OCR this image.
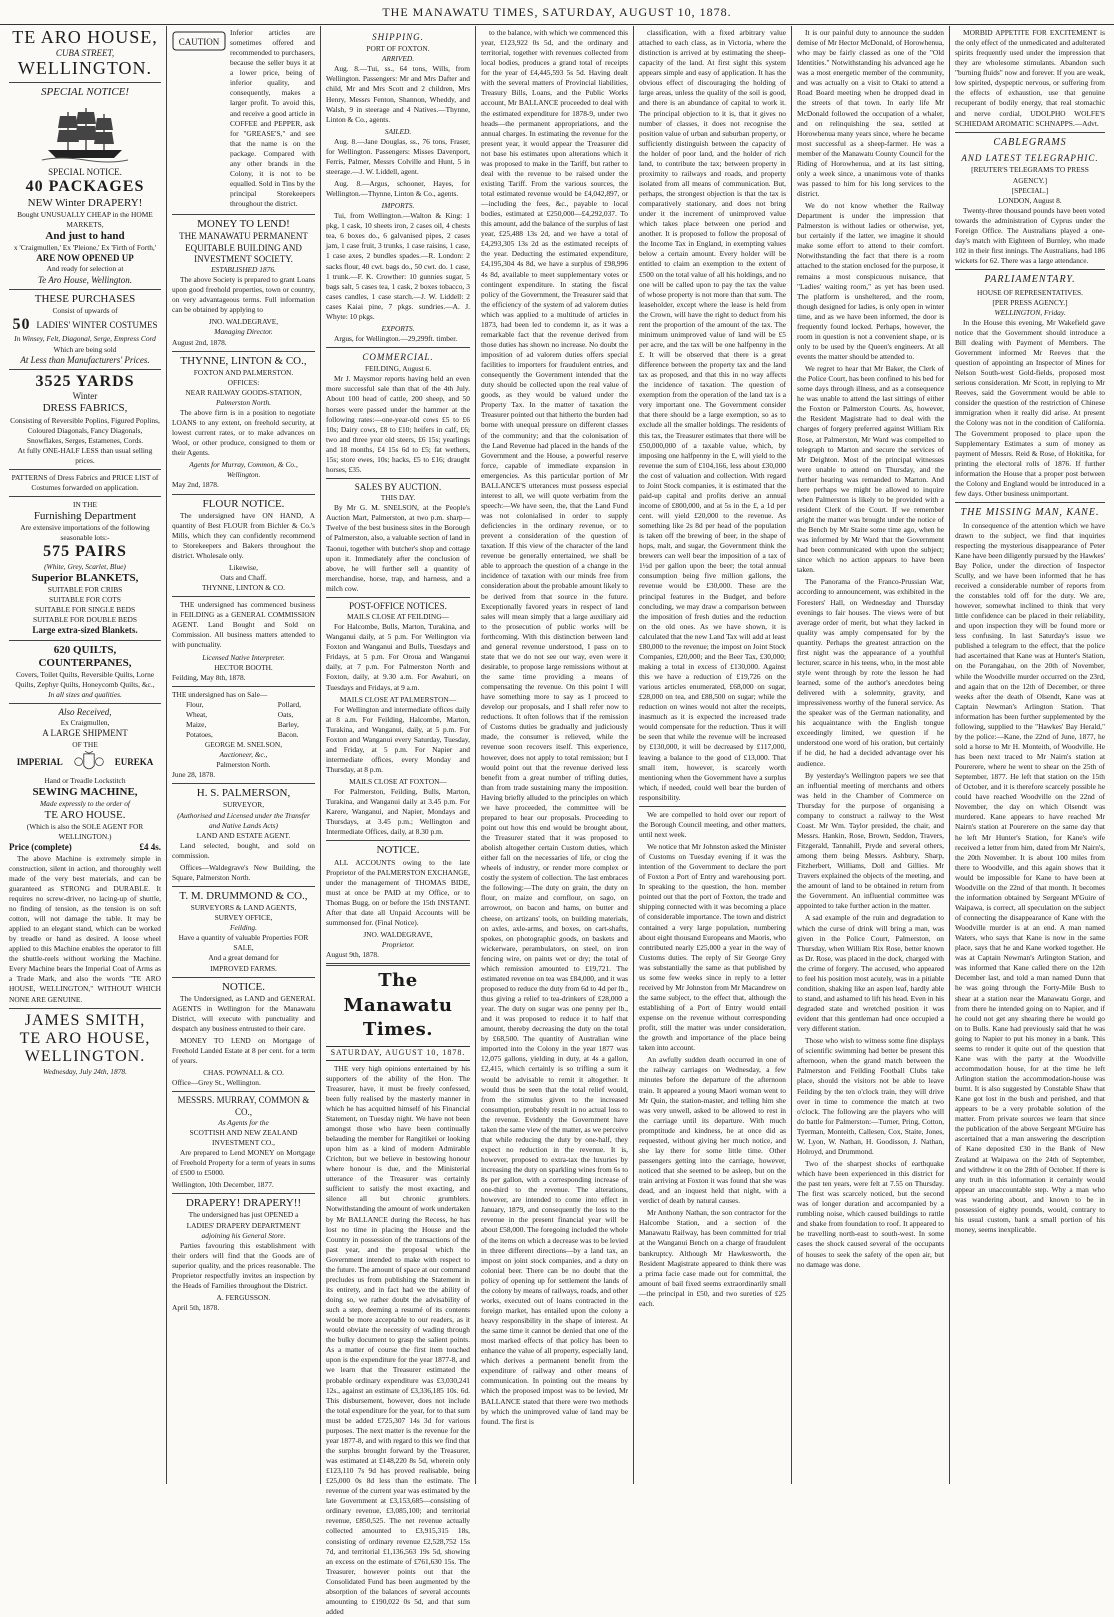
THE MANAWATU TIMES, SATURDAY, AUGUST 10, 1878.
TE ARO HOUSE,
CUBA STREET,
WELLINGTON.
SPECIAL NOTICE!
SPECIAL NOTICE.
40 PACKAGES
NEW Winter DRAPERY!
Bought UNUSUALLY CHEAP in the HOME MARKETS,
And just to hand
x 'Craigmullen,' Ex 'Pleione,' Ex 'Firth of Forth,'
ARE NOW OPENED UP
And ready for selection at
Te Aro House, Wellington.
THESE PURCHASES
Consist of upwards of
50 LADIES' WINTER COSTUMES
In Winsey, Felt, Diagonal, Serge, Empress Cord
Which are being sold
At Less than Manufacturers' Prices.
3525 YARDS
Winter
DRESS FABRICS,
Consisting of Reversible Poplins, Figured Poplins, Coloured Diagonals, Fancy Diagonals, Snowflakes, Serges, Estamenes, Cords.
At fully ONE-HALF LESS than usual selling prices.
PATTERNS of Dress Fabrics and PRICE LIST of Costumes forwarded on application.
IN THE
Furnishing Department
Are extensive importations of the following seasonable lots:-
575 PAIRS
(White, Grey, Scarlet, Blue)
Superior BLANKETS,
SUITABLE FOR CRIBS
SUITABLE FOR COTS
SUITABLE FOR SINGLE BEDS
SUITABLE FOR DOUBLE BEDS
Large extra-sized Blankets.
620 QUILTS, COUNTERPANES,
Covers, Toilet Quilts, Reversible Quilts, Lorne Quilts, Zephyr Quilts, Honeycomb Quilts, &c.,
In all sizes and qualities.
Also Received,
Ex Craigmullen,
A LARGE SHIPMENT
OF THE
IMPERIAL	EUREKA
Hand or Treadle Lockstitch
SEWING MACHINE,
Made expressly to the order of
TE ARO HOUSE.
(Which is also the SOLE AGENT FOR WELLINGTON.)
Price (complete)	£4 4s.

The above Machine is extremely simple in construction, silent in action, and thoroughly well made of the very best materials, and can be guaranteed as STRONG and DURABLE. It requires no screw-driver, no lacing-up of shuttle, no finding of tension, as the tension is on soft cotton, will not damage the table. It may be applied to an elegant stand, which can be worked by treadle or hand as desired. A loose wheel applied to this Machine enables the operator to fill the shuttle-reels without working the Machine. Every Machine bears the Imperial Coat of Arms as a Trade Mark, and also the words "TE ARO HOUSE, WELLINGTON," WITHOUT WHICH NONE ARE GENUINE.

JAMES SMITH,
TE ARO HOUSE,
WELLINGTON.
Wednesday, July 24th, 1878.
CAUTION

Inferior articles are sometimes offered and recommended to purchasers, because the seller buys it at a lower price, being of inferior quality, and consequently, makes a larger profit. To avoid this, and receive a good article in COFFEE and PEPPER, ask for "GREASE'S," and see that the name is on the package. Compared with any other brands in the Colony, it is not to be equalled. Sold in Tins by the principal Storekeepers throughout the district.

MONEY TO LEND!
THE MANAWATU PERMANENT EQUITABLE BUILDING AND INVESTMENT SOCIETY.
ESTABLISHED 1876.

The above Society is prepared to grant Loans upon good freehold properties, town or country, on very advantageous terms. Full information can be obtained by applying to

JNO. WALDEGRAVE,
Managing Director.
August 2nd, 1878.
THYNNE, LINTON & CO.,
FOXTON AND PALMERSTON.
OFFICES:
NEAR RAILWAY GOODS-STATION,
Palmerston North.

The above firm is in a position to negotiate LOANS to any extent, on freehold security, at lowest current rates, or to make advances on Wool, or other produce, consigned to them or their Agents.

Agents for Murray, Common, & Co., Wellington.
May 2nd, 1878.
FLOUR NOTICE.

The undersigned have ON HAND, A quantity of Best FLOUR from Bichler & Co.'s Mills, which they can confidently recommend to Storekeepers and Bakers throughout the district. Wholesale only.

Likewise,
Oats and Chaff.
THYNNE, LINTON & CO.

THE undersigned has commenced business in FEILDING as a GENERAL COMMISSION AGENT. Land Bought and Sold on Commission. All business matters attended to with punctuality.

Licensed Native Interpreter.
HECTOR BOOTH.
Feilding, May 8th, 1878.
THE undersigned has on Sale—
Flour,
Wheat,
Maize,
Potatoes,
Pollard,
Oats,
Barley,
Bacon.
GEORGE M. SNELSON,
Auctioneer, &c.,
Palmerston North.
June 28, 1878.
H. S. PALMERSON,
SURVEYOR,
(Authorised and Licensed under the Transfer and Native Lands Acts)
LAND AND ESTATE AGENT.

Land selected, bought, and sold on commission.

Offices—Waldegrave's New Building, the Square, Palmerston North.

T. M. DRUMMOND & CO.,
SURVEYORS & LAND AGENTS,
SURVEY OFFICE,
Feilding.
Have a quantity of valuable Properties FOR SALE,
And a great demand for
IMPROVED FARMS.
NOTICE.

The Undersigned, as LAND and GENERAL AGENTS in Wellington for the Manawatu District, will execute with punctuality and despatch any business entrusted to their care.

MONEY TO LEND on Mortgage of Freehold Landed Estate at 8 per cent. for a term of years.

CHAS. POWNALL & CO.
Office—Grey St., Wellington.
MESSRS. MURRAY, COMMON & CO.,
As Agents for the
SCOTTISH AND NEW ZEALAND INVESTMENT CO.,

Are prepared to Lend MONEY on Mortgage of Freehold Property for a term of years in sums of £500 to £5000.

Wellington, 10th December, 1877.
DRAPERY! DRAPERY!!
The undersigned has just OPENED a
LADIES' DRAPERY DEPARTMENT
adjoining his General Store.

Parties favouring this establishment with their orders will find that the Goods are of superior quality, and the prices reasonable. The Proprietor respectfully invites an inspection by the Heads of Families throughout the District.

A. FERGUSSON.
April 5th, 1878.
SHIPPING.
PORT OF FOXTON.
ARRIVED.

Aug. 8.—Tui, ss., 64 tons, Wills, from Wellington. Passengers: Mr and Mrs Dafter and child, Mr and Mrs Scott and 2 children, Mrs Henry, Messrs Fenton, Shannon, Wheddy, and Walsh, 9 in steerage and 4 Natives.—Thynne, Linton & Co., agents.

SAILED.

Aug. 8.—Jane Douglas, ss., 76 tons, Fraser, for Wellington. Passengers: Misses Davenport, Ferris, Palmer, Messrs Colville and Hunt, 5 in steerage.—J. W. Liddell, agent.

Aug. 8.—Argus, schooner, Hayes, for Wellington.—Thynne, Linton & Co., agents.

IMPORTS.

Tui, from Wellington.—Walton & King: 1 pkg, 1 cask, 10 sheets iron, 2 cases oil, 4 chests tea, 6 boxes do., 6 galvanised pipes, 2 cases jam, 1 case fruit, 3 trunks, 1 case raisins, 1 case, 1 case axes, 2 bundles spades.—R. London: 2 sacks flour, 40 cwt. bags do., 50 cwt. do. 1 case, 1 trunk.—F. K. Crowther: 10 gunnies sugar, 5 bags salt, 5 cases tea, 1 cask, 2 boxes tobacco, 3 cases candles, 1 case starch.—J. W. Liddell: 2 cases Kaiai pine, 7 pkgs. sundries.—A. J. Whyte: 10 pkgs.

EXPORTS.

Argus, for Wellington.—29,299ft. timber.

COMMERCIAL.
FEILDING, August 6.

Mr J. Maysmor reports having held an even more successful sale than that of the 4th July. About 100 head of cattle, 200 sheep, and 50 horses were passed under the hammer at the following rates:—one-year-old cows £5 to £6 10s; Dairy cows, £8 to £10; heifers in calf, £6; two and three year old steers, £6 15s; yearlings and 18 months, £4 15s 6d to £5; fat wethers, 15s; store ewes, 10s; hacks, £5 to £16; draught horses, £35.

SALES BY AUCTION.
THIS DAY.

By Mr G. M. SNELSON, at the People's Auction Mart, Palmerston, at two p.m. sharp—Twelve of the best business sites in the Borough of Palmerston, also, a valuable section of land in Taonui, together with butcher's shop and cottage upon it. Immediately after the conclusion of above, he will further sell a quantity of merchandise, horse, trap, and harness, and a milch cow.

POST-OFFICE NOTICES.
MAILS CLOSE AT FEILDING—

For Halcombe, Bulls, Marton, Turakina, and Wanganui daily, at 5 p.m. For Wellington via Foxton and Wanganui and Bulls, Tuesdays and Fridays, at 5 p.m. For Oroua and Wanganui daily, at 7 p.m. For Palmerston North and Foxton, daily, at 9.30 a.m. For Awahuri, on Tuesdays and Fridays, at 9 a.m.

MAILS CLOSE AT PALMERSTON—

For Wellington and intermediate offices daily at 8 a.m. For Feilding, Halcombe, Marton, Turakina, and Wanganui, daily, at 5 p.m. For Foxton and Wanganui every Saturday, Tuesday, and Friday, at 5 p.m. For Napier and intermediate offices, every Monday and Thursday, at 8 p.m.

MAILS CLOSE AT FOXTON—

For Palmerston, Feilding, Bulls, Marton, Turakina, and Wanganui daily at 3.45 p.m. For Karere, Wanganui, and Napier, Mondays and Thursdays, at 3.45 p.m.; Wellington and Intermediate Offices, daily, at 8.30 p.m.

NOTICE.

ALL ACCOUNTS owing to the late Proprietor of the PALMERSTON EXCHANGE, under the management of THOMAS BIDE, must at once be PAID at my Office, or to Thomas Bugg, on or before the 15th INSTANT. After that date all Unpaid Accounts will be summonsed for. (Final Notice).

JNO. WALDEGRAVE,
Proprietor.
August 9th, 1878.
The Manawatu Times.
SATURDAY, AUGUST 10, 1878.

THE very high opinions entertained by his supporters of the ability of the Hon. The Treasurer, have, it must be freely confessed, been fully realised by the masterly manner in which he has acquitted himself of his Financial Statement, on Tuesday night. We have not been amongst those who have been continually belauding the member for Rangitikei or looking upon him as a kind of modern Admirable Crichton, but we believe in bestowing honour where honour is due, and the Ministerial utterance of the Treasurer was certainly sufficient to satisfy the most exacting, and silence all but chronic grumblers. Notwithstanding the amount of work undertaken by Mr BALLANCE during the Recess, he has lost no time in placing the House and the Country in possession of the transactions of the past year, and the proposal which the Government intended to make with respect to the future. The amount of space at our command precludes us from publishing the Statement in its entirety, and in fact had we the ability of doing so, we rather doubt the advisability of such a step, deeming a resumé of its contents would be more acceptable to our readers, as it would obviate the necessity of wading through the bulky document to grasp the salient points. As a matter of course the first item touched upon is the expenditure for the year 1877-8, and we learn that the Treasurer estimated the probable ordinary expenditure was £3,030,241 12s., against an estimate of £3,336,185 10s. 6d. This disbursement, however, does not include the total expenditure for the year, for to that sum must be added £725,307 14s 3d for various purposes. The next matter is the revenue for the year 1877-8, and with regard to this we find that the surplus brought forward by the Treasurer, was estimated at £148,220 8s 5d, wherein only £123,110 7s 9d has proved realisable, being £25,000 0s 8d less than the estimate. The revenue of the current year was estimated by the late Government at £3,153,685—consisting of ordinary revenue, £3,085,100; and territorial revenue, £850,525. The net revenue actually collected amounted to £3,915,315 18s, consisting of ordinary revenue £2,528,752 15s 7d, and territorial £1,136,563 19s 5d, showing an excess on the estimate of £761,630 15s. The Treasurer, however points out that the Consolidated Fund has been augmented by the absorption of the balances of several accounts amounting to £190,022 0s 5d, and that sum added

to the balance, with which we commenced this year, £123,922 0s 5d, and the ordinary and territorial, together with revenues collected from local bodies, produces a grand total of receipts for the year of £4,445,593 5s 5d. Having dealt with the several matters of Provincial liabilities, Treasury Bills, Loans, and the Public Works account, Mr BALLANCE proceeded to deal with the estimated expenditure for 1878-9, under two heads—the permanent appropriations, and the annual charges. In estimating the revenue for the present year, it would appear the Treasurer did not base his estimates upon alterations which it was proposed to make in the Tariff, but rather to deal with the revenue to be raised under the existing Tariff. From the various sources, the total estimated revenue would be £4,042,897, or—including the fees, &c., payable to local bodies, estimated at £250,000—£4,292,037. To this amount, add the balance of the surplus of last year, £25,488 13s 2d, and we have a total of £4,293,305 13s 2d as the estimated receipts of the year. Deducting the estimated expenditure, £4,195,304 4s 8d, we have a surplus of £98,996 4s 8d, available to meet supplementary votes or contingent expenditure. In stating the fiscal policy of the Government, the Treasurer said that the efficiency of the system of ad valorem duties which was applied to a multitude of articles in 1873, had been led to condemn it, as it was a remarkable fact that the revenue derived from those duties has shown no increase. No doubt the imposition of ad valorem duties offers special facilities to importers for fraudulent entries, and consequently the Government intended that the duty should be collected upon the real value of goods, as they would be valued under the Property Tax. In the matter of taxation the Treasurer pointed out that hitherto the burden had borne with unequal pressure on different classes of the community; and that the colonisation of the Land Revenue had placed in the hands of the Government and the House, a powerful reserve force, capable of immediate expansion in emergencies. As this particular portion of Mr BALLANCE'S utterances must possess especial interest to all, we will quote verbatim from the speech:—We have seen, the, that the Land Fund was not colonialised in order to supply deficiencies in the ordinary revenue, or to prevent a consideration of the question of taxation. If this view of the character of the land revenue be generally entertained, we shall be able to approach the question of a change in the incidence of taxation with our minds free from consideration about the probable amount likely to be derived from that source in the future. Exceptionally favored years in respect of land sales will mean simply that a large auxiliary aid to the prosecution of public works will be forthcoming. With this distinction between land and general revenue understood, I pass on to state that we do not see our way, even were it desirable, to propose large remissions without at the same time providing a means of compensating the revenue. On this point I will have something more to say as I proceed to develop our proposals, and I shall refer now to reductions. It often follows that if the remission of Customs duties be gradually and judiciously made, the consumer is relieved, while the revenue soon recovers itself. This experience, however, does not apply to total remission; but I would point out that the revenue derived less benefit from a great number of trifling duties, than from trade sustaining many the imposition. Having briefly alluded to the principles on which we have proceeded, the committee will be prepared to hear our proposals. Proceeding to point out how this end would be brought about, the Treasurer stated that it was proposed to abolish altogether certain Custom duties, which either fall on the necessaries of life, or clog the wheels of industry, or render more complex or costly the system of collection. The last embraces the following:—The duty on grain, the duty on flour, on maize and cornflour, on sago, on arrowroot, on bacon and hams, on butter and cheese, on artizans' tools, on building materials, on axles, axle-arms, and boxes, on cart-shafts, spokes, on photographic goods, on baskets and wickerware, perambulators, on steel, on iron fencing wire, on paints wet or dry; the total of which remission amounted to £19,721. The estimated revenue on tea was £84,000, and it was proposed to reduce the duty from 6d to 4d per lb., thus giving a relief to tea-drinkers of £28,000 a year. The duty on sugar was one penny per lb., and it was proposed to reduce it to half that amount, thereby decreasing the duty on the total by £68,500. The quantity of Australian wine imported into the Colony in the year 1877 was 12,075 gallons, yielding in duty, at 4s a gallon, £2,415, which certainly is so trifling a sum it would be advisable to remit it altogether. It would thus be seen that the total relief would, from the stimulus given to the increased consumption, probably result in no actual loss to the revenue. Evidently the Government have taken the same view of the matter, as we perceive that while reducing the duty by one-half, they expect no reduction in the revenue. It is, however, proposed to extra-tax the luxuries by increasing the duty on sparkling wines from 6s to 8s per gallon, with a corresponding increase of one-third to the revenue. The alterations, however, are intended to come into effect in January, 1879, and consequently the loss to the revenue in the present financial year will be about £58,000. The foregoing included the whole of the items on which a decrease was to be levied in three different directions—by a land tax, an impost on joint stock companies, and a duty on colonial beer. There can be no doubt that the policy of opening up for settlement the lands of the colony by means of railways, roads, and other works, executed out of loans contracted in the foreign market, has entailed upon the colony a heavy responsibility in the shape of interest. At the same time it cannot be denied that one of the most marked effects of that policy has been to enhance the value of all property, especially land, which derives a permanent benefit from the expenditure of railway and other means of communication. In pointing out the means by which the proposed impost was to be levied, Mr BALLANCE stated that there were two methods by which the unimproved value of land may be found. The first is

classification, with a fixed arbitrary value attached to each class, as in Victoria, where the distinction is arrived at by estimating the sheep-capacity of the land. At first sight this system appears simple and easy of application. It has the obvious effect of discouraging the holding of large areas, unless the quality of the soil is good, and there is an abundance of capital to work it. The principal objection to it is, that it gives no number of classes, it does not recognise the position value of urban and suburban property, or sufficiently distinguish between the capacity of the holder of poor land, and the holder of rich land, to contribute the tax; between property in proximity to railways and roads, and property isolated from all means of communication. But, perhaps, the strongest objection is that the tax is comparatively stationary, and does not bring under it the increment of unimproved value which takes place between one period and another. It is proposed to follow the proposal of the Income Tax in England, in exempting values below a certain amount. Every holder will be entitled to claim an exemption to the extent of £500 on the total value of all his holdings, and no one will be called upon to pay the tax the value of whose property is not more than that sum. The leaseholder, except where the lease is held from the Crown, will have the right to deduct from his rent the proportion of the amount of the tax. The minimum unimproved value of land will be £5 per acre, and the tax will be one halfpenny in the £. It will be observed that there is a great difference between the property tax and the land tax as proposed, and that this in no way affects the incidence of taxation. The question of exemption from the operation of the land tax is a very important one. The Government consider that there should be a large exemption, so as to exclude all the smaller holdings. The residents of this tax, the Treasurer estimates that there will be £50,000,000 of a taxable value, which, by imposing one halfpenny in the £, will yield to the revenue the sum of £104,166, less about £30,000 the cost of valuation and collection. With regard to Joint Stock companies, it is estimated that the paid-up capital and profits derive an annual income of £800,000, and at 5s in the £, a 1d per cent. will yield £20,000 to the revenue. As something like 2s 8d per head of the population is taken off the brewing of beer, in the shape of hops, malt, and sugar, the Government think the brewers can well bear the imposition of a tax of 1½d per gallon upon the beer; the total annual consumption being five million gallons, the revenue would be £30,000. These are the principal features in the Budget, and before concluding, we may draw a comparison between the imposition of fresh duties and the reduction on the old ones. As we have shown, it is calculated that the new Land Tax will add at least £80,000 to the revenue; the impost on Joint Stock Companies, £20,000; and the Beer Tax, £30,000; making a total in excess of £130,000. Against this we have a reduction of £19,726 on the various articles enumerated, £68,000 on sugar, £28,000 on tea, and £88,500 on sugar; while the reduction on wines would not alter the receipts, inasmuch as it is expected the increased trade would compensate for the reduction. Thus it will be seen that while the revenue will be increased by £130,000, it will be decreased by £117,000, leaving a balance to the good of £13,000. That small item, however, is scarcely worth mentioning when the Government have a surplus which, if needed, could well bear the burden of responsibility.

We are compelled to hold over our report of the Borough Council meeting, and other matters, until next week.

We notice that Mr Johnston asked the Minister of Customs on Tuesday evening if it was the intention of the Government to declare the port of Foxton a Port of Entry and warehousing port. In speaking to the question, the hon. member pointed out that the port of Foxton, the trade and shipping connected with it was becoming a place of considerable importance. The town and district contained a very large population, numbering about eight thousand Europeans and Maoris, who contributed nearly £25,000 a year in the way of Customs duties. The reply of Sir George Grey was substantially the same as that published by us some few weeks since in reply to a letter received by Mr Johnston from Mr Macandrew on the same subject, to the effect that, although the establishing of a Port of Entry would entail expense on the revenue without corresponding profit, still the matter was under consideration, the growth and importance of the place being taken into account.

An awfully sudden death occurred in one of the railway carriages on Wednesday, a few minutes before the departure of the afternoon train. It appeared a young Maori woman went to Mr Quin, the station-master, and telling him she was very unwell, asked to be allowed to rest in the carriage until its departure. With much promptitude and kindness, he at once did as requested, without giving her much notice, and she lay there for some little time. Other passengers getting into the carriage, however, noticed that she seemed to be asleep, but on the train arriving at Foxton it was found that she was dead, and an inquest held that night, with a verdict of death by natural causes.

Mr Anthony Nathan, the son contractor for the Halcombe Station, and a section of the Manawatu Railway, has been committed for trial at the Wanganui Bench on a charge of fraudulent bankruptcy. Although Mr Hawkesworth, the Resident Magistrate appeared to think there was a prima facie case made out for committal, the amount of bail fixed seems extraordinarily small—the principal in £50, and two sureties of £25 each.

It is our painful duty to announce the sudden demise of Mr Hector McDonald, of Horowhenua, who may be fairly classed as one of the "Old Identities." Notwithstanding his advanced age he was a most energetic member of the community, and was actually on a visit to Otaki to attend a Road Board meeting when he dropped dead in the streets of that town. In early life Mr McDonald followed the occupation of a whaler, and on relinquishing the sea, settled at Horowhenua many years since, where he became most successful as a sheep-farmer. He was a member of the Manawatu County Council for the Riding of Horowhenua, and at its last sitting, only a week since, a unanimous vote of thanks was passed to him for his long services to the district.

We do not know whether the Railway Department is under the impression that Palmerston is without ladies or otherwise, yet, but certainly if the latter, we imagine it should make some effort to attend to their comfort. Notwithstanding the fact that there is a room attached to the station enclosed for the purpose, it remains a most conspicuous nuisance, that "Ladies' waiting room," as yet has been used. The platform is unsheltered, and the room, though designed for ladies, is only open in winter time, and as we have been informed, the door is frequently found locked. Perhaps, however, the room in question is not a convenient shape, or is only to be used by the Queen's engineers. At all events the matter should be attended to.

We regret to hear that Mr Baker, the Clerk of the Police Court, has been confined to his bed for some days through illness, and as a consequence he was unable to attend the last sittings of either the Foxton or Palmerston Courts. As, however, the Resident Magistrate had to deal with the charges of forgery preferred against William Rix Rose, at Palmerston, Mr Ward was compelled to telegraph to Marton and secure the services of Mr Deighton. Most of the principal witnesses were unable to attend on Thursday, and the further hearing was remanded to Marton. And here perhaps we might be allowed to inquire when Palmerston is likely to be provided with a resident Clerk of the Court. If we remember aright the matter was brought under the notice of the Bench by Mr Staite some time ago, when he was informed by Mr Ward that the Government had been communicated with upon the subject; since which no action appears to have been taken.

The Panorama of the Franco-Prussian War, according to announcement, was exhibited in the Foresters' Hall, on Wednesday and Thursday evenings to fair houses. The views were of but average order of merit, but what they lacked in quality was amply compensated for by the quantity. Perhaps the greatest attraction on the first night was the appearance of a youthful lecturer, scarce in his teens, who, in the most able style went through by rote the lesson he had learned, some of the author's anecdotes being delivered with a solemnity, gravity, and impressiveness worthy of the funeral service. As the speaker was of the German nationality, and his acquaintance with the English tongue exceedingly limited, we question if he understood one word of his oration, but certainly if he did, he had a decided advantage over his audience.

By yesterday's Wellington papers we see that an influential meeting of merchants and others was held in the Chamber of Commerce on Thursday for the purpose of organising a company to construct a railway to the West Coast. Mr Wm. Taylor presided, the chair, and Messrs. Hankin, Rose, Brown, Seddon, Travers, Fitzgerald, Tannahill, Pryde and several others, among them being Messrs. Ashbury, Sharp, Fitzherbert, Williams, Doll and Gillies. Mr Travers explained the objects of the meeting, and the amount of land to be obtained in return from the Government. An influential committee was appointed to take further action in the matter.

A sad example of the ruin and degradation to which the curse of drink will bring a man, was given in the Police Court, Palmerston, on Thursday, when William Rix Rose, better known as Dr. Rose, was placed in the dock, charged with the crime of forgery. The accused, who appeared to feel his position most acutely, was in a pitiable condition, shaking like an aspen leaf, hardly able to stand, and ashamed to lift his head. Even in his degraded state and wretched position it was evident that this gentleman had once occupied a very different station.

Those who wish to witness some fine displays of scientific swimming had better be present this afternoon, when the grand match between the Palmerston and Feilding Football Clubs take place, should the visitors not be able to leave Feilding by the ten o'clock train, they will drive over in time to commence the match at two o'clock. The following are the players who will do battle for Palmerston:—Turner, Pring, Cotton, Tyerman, Monteith, Callesen, Cox, Staite, Jones, W. Lyon, W. Nathan, H. Goodisson, J. Nathan, Holroyd, and Drummond.

Two of the sharpest shocks of earthquake which have been experienced in this district for the past ten years, were felt at 7.55 on Thursday. The first was scarcely noticed, but the second was of longer duration and accompanied by a rumbling noise, which caused buildings to rattle and shake from foundation to roof. It appeared to be travelling north-east to south-west. In some cases the shock caused several of the occupants of houses to seek the safety of the open air, but no damage was done.

MORBID APPETITE FOR EXCITEMENT is the only effect of the unmedicated and adulterated spirits frequently used under the impression that they are wholesome stimulants. Abandon such "burning fluids" now and forever. If you are weak, low spirited, dyspeptic nervous, or suffering from the effects of exhaustion, use that genuine recuperant of bodily energy, that real stomachic and nerve cordial, UDOLPHO WOLFE'S SCHIEDAM AROMATIC SCHNAPPS.—Advt.

CABLEGRAMS
AND LATEST TELEGRAPHIC.
[REUTER'S TELEGRAMS TO PRESS AGENCY.]
[SPECIAL.]
LONDON, August 8.

Twenty-three thousand pounds have been voted towards the administration of Cyprus under the Foreign Office. The Australians played a one-day's match with Eighteen of Burnley, who made 102 in their first innings. The Australians, had 186 wickets for 62. There was a large attendance.

PARLIAMENTARY.
HOUSE OF REPRESENTATIVES.
[PER PRESS AGENCY.]
WELLINGTON, Friday.

In the House this evening, Mr Wakefield gave notice that the Government should introduce a Bill dealing with Payment of Members. The Government informed Mr Reeves that the question of appointing an Inspector of Mines for Nelson South-west Gold-fields, proposed most serious consideration. Mr Scott, in replying to Mr Reeves, said the Government would be able to consider the question of the restriction of Chinese immigration when it really did arise. At present the Colony was not in the condition of California. The Government proposed to place upon the Supplementary Estimates a sum of money as payment of Messrs. Reid & Rose, of Hokitika, for printing the electoral rolls of 1876. If further information the House that a proper post between the Colony and England would be introduced in a few days. Other business unimportant.

THE MISSING MAN, KANE.

In consequence of the attention which we have drawn to the subject, we find that inquiries respecting the mysterious disappearance of Peter Kane have been diligently pursued by the Hawkes' Bay Police, under the direction of Inspector Scully, and we have been informed that he has received a considerable number of reports from the constables told off for the duty. We are, however, somewhat inclined to think that very little confidence can be placed in their reliability, and upon inspection they will be found more or less confusing. In last Saturday's issue we published a telegram to the effect, that the police had ascertained that Kane was at Hunter's Station, on the Porangahau, on the 20th of November, while the Woodville murder occurred on the 23rd, and again that on the 12th of December, or three weeks after the death of Olsendt, Kane was at Captain Newman's Arlington Station. That information has been further supplemented by the following, supplied to the "Hawkes' Bay Herald," by the police:—Kane, the 22nd of June, 1877, he sold a horse to Mr H. Monteith, of Woodville. He has been next traced to Mr Nairn's station at Pourerere, where he went to shear on the 25th of September, 1877. He left that station on the 15th of October, and it is therefore scarcely possible he could have reached Woodville on the 22nd of November, the day on which Olsendt was murdered. Kane appears to have reached Mr Nairn's station at Pourerere on the same day that he left Mr Hunter's Station, for Kane's wife received a letter from him, dated from Mr Nairn's, the 20th November. It is about 100 miles from there to Woodville, and this again shows that it would be impossible for Kane to have been at Woodville on the 22nd of that month. It becomes the information obtained by Sergeant M'Guire of Waipawa, is correct, all speculation on the subject of connecting the disappearance of Kane with the Woodville murder is at an end. A man named Waters, who says that Kane is now in the same place, says that he and Kane worked together. He was at Captain Newman's Arlington Station, and was informed that Kane called there on the 12th December last, and told a man named Dunn that he was going through the Forty-Mile Bush to shear at a station near the Manawatu Gorge, and from there he intended going on to Napier, and if he could not get any shearing there he would go on to Bulls. Kane had previously said that he was going to Napier to put his money in a bank. This seems to render it quite out of the question that Kane was with the party at the Woodville accommodation house, for at the time he left Arlington station the accommodation-house was burnt. It is also suggested by Constable Shaw that Kane got lost in the bush and perished, and that appears to be a very probable solution of the matter. From private sources we learn that since the publication of the above Sergeant M'Guire has ascertained that a man answering the description of Kane deposited £30 in the Bank of New Zealand at Waipawa on the 24th of September, and withdrew it on the 28th of October. If there is any truth in this information it certainly would appear an unaccountable step. Why a man who was wandering about, and known to be in possession of eighty pounds, would, contrary to his usual custom, bank a small portion of his money, seems inexplicable.
